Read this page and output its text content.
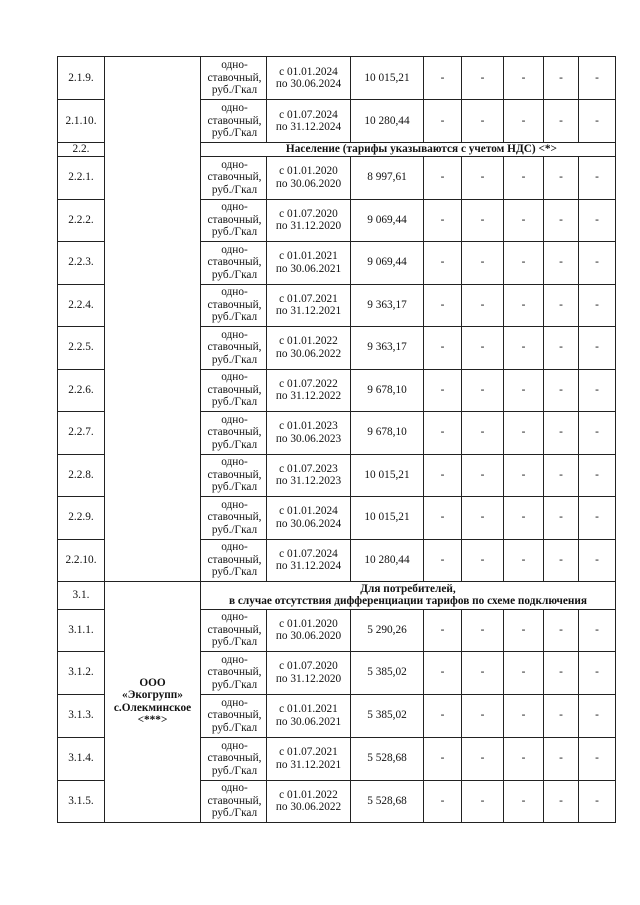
2.1.9.		одно-
ставочный,
руб./Гкал	с 01.01.2024
по 30.06.2024	10 015,21	-	-	-	-	-
2.1.10.		одно-
ставочный,
руб./Гкал	с 01.07.2024
по 31.12.2024	10 280,44	-	-	-	-	-
2.2.		Население (тарифы указываются с учетом НДС) <*>							
2.2.1.		одно-
ставочный,
руб./Гкал	с 01.01.2020
по 30.06.2020	8 997,61	-	-	-	-	-
2.2.2.		одно-
ставочный,
руб./Гкал	с 01.07.2020
по 31.12.2020	9 069,44	-	-	-	-	-
2.2.3.		одно-
ставочный,
руб./Гкал	с 01.01.2021
по 30.06.2021	9 069,44	-	-	-	-	-
2.2.4.		одно-
ставочный,
руб./Гкал	с 01.07.2021
по 31.12.2021	9 363,17	-	-	-	-	-
2.2.5.		одно-
ставочный,
руб./Гкал	с 01.01.2022
по 30.06.2022	9 363,17	-	-	-	-	-
2.2.6.		одно-
ставочный,
руб./Гкал	с 01.07.2022
по 31.12.2022	9 678,10	-	-	-	-	-
2.2.7.		одно-
ставочный,
руб./Гкал	с 01.01.2023
по 30.06.2023	9 678,10	-	-	-	-	-
2.2.8.		одно-
ставочный,
руб./Гкал	с 01.07.2023
по 31.12.2023	10 015,21	-	-	-	-	-
2.2.9.		одно-
ставочный,
руб./Гкал	с 01.01.2024
по 30.06.2024	10 015,21	-	-	-	-	-
2.2.10.		одно-
ставочный,
руб./Гкал	с 01.07.2024
по 31.12.2024	10 280,44	-	-	-	-	-
3.1.	ООО
«Экогрупп»
с.Олекминское
<***>	Для потребителей,
в случае отсутствия дифференциации тарифов по схеме подключения							
3.1.1.		одно-
ставочный,
руб./Гкал	с 01.01.2020
по 30.06.2020	5 290,26	-	-	-	-	-
3.1.2.		одно-
ставочный,
руб./Гкал	с 01.07.2020
по 31.12.2020	5 385,02	-	-	-	-	-
3.1.3.		одно-
ставочный,
руб./Гкал	с 01.01.2021
по 30.06.2021	5 385,02	-	-	-	-	-
3.1.4.		одно-
ставочный,
руб./Гкал	с 01.07.2021
по 31.12.2021	5 528,68	-	-	-	-	-
3.1.5.		одно-
ставочный,
руб./Гкал	с 01.01.2022
по 30.06.2022	5 528,68	-	-	-	-	-
